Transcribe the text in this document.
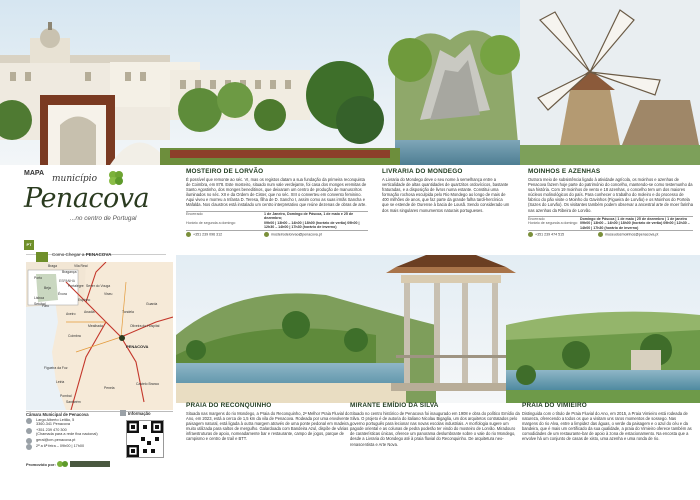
MAPA
município
Penacova
...no centro de Portugal
MOSTEIRO DE LORVÃO
É possível que remonte ao séc. VI, mas os registos datam a sua fundação da primeira reconquista de Coimbra, em 878. Este mosteiro, situado num vale verdejante, foi casa dos monges eremitas de Santo Agostinho, dos monges beneditinos, que deixaram um centro de produção de manuscritos iluminados no séc. XII e da Ordem de Cister, que no séc. XIII o converteu em convento feminino. Aqui viveu e morreu a Infanta D. Teresa, filha de D. Sancho I, assim como as suas irmãs Sancha e Mafalda. Nos claustros está instalado um centro interpretativo que reúne dezenas de obras de arte.
Encerrado	1 de Janeiro, Domingo de Páscoa, 1 de maio e 25 de dezembro;
Horário de segunda a domingo	09h00 | 13h00 – 14h00 | 18h00 (horário de verão) 09h00 | 12h30 – 14h00 | 17h30 (horário de inverno)
+351 239 096 312	mosteirodelorvao@penacova.pt
LIVRARIA DO MONDEGO
A Livraria do Mondego deve o seu nome à semelhança entre a verticalidade de altas quantidades de quartzitos ordovícicos, bastante fraturadas, e a disposição de livros numa estante. Constitui uma formação rochosa esculpida pelo Rio Mondego ao longo de mais de 400 milhões de anos, que faz parte da grande falha tardi-hercínica que se estende de Ourense à bacia de Lousã. Sendo considerado um dos mais singulares monumentos naturais portugueses.
MOINHOS E AZENHAS
Outrora meio de subsistência ligado à atividade agrícola, os moinhos e azenhas de Penacova fazem hoje parte do património do concelho, mantendo-se como testemunho da sua história. Com 19 moinhos de vento e 18 azenhas, o concelho tem um dos maiores núcleos molinológicos do país. Para conhecer o trabalho do moleiro e do processo de fabrico do pão visite o Moinho do Gavinhos (Figueira de Lorvão) e os Moinhos do Portela (Sazes do Lorvão). Os visitantes também podem observar a ancestral arte de moer farinha nas azenhas da Ribeira de Lorvão.
Encerrado	Domingo de Páscoa | 1 de maio | 25 de dezembro | 1 de janeiro
Horário de segunda a domingo 09h00 | 13h00 – 14h00 | 18h00 (horário de verão) 09h00 | 12h30 – 14h00 | 17h30 (horário de inverno)
+351 239 474 515	museudosmoinhos@penacova.pt
PT
Como Chegar a PENACOVA
ESPANHA
Porto
Viseu
Aveiro
Coimbra
Leiria
Lisboa
Setúbal
Évora
Faro
Figueira da Foz
Guarda
Castelo Branco
Santarém
Braga	Vila Real
Bragança
Portalegre
Beja
Pombal
Penela
Oliveira do Hospital
Mealhada
PENACOVA
Espinho
Anadia
Sever do Vouga
Tondela
Câmara Municipal de Penacova	Informação
Largo Alberto Leitão, 5
3360-341 Penacova
+351 239 470 300
(Chamada para a rede fixa nacional)
geral@cm-penacova.pt
2ª a 6ª feira – 09h00 | 17h00
Promovido por:
PRAIA DO RECONQUINHO
Situada nas margens do rio Mondego, a Praia do Reconquinho, 2ª Melhor Praia Fluvial do Ano, em 2023, está a cerca de 1,5 km da vila de Penacova. Rodeada por uma envolvente paisagem natural, está ligada à outra margem através de uma ponte pedonal em madeira, muito utilizada para saltos de mergulho. Galardoada com Bandeira Azul, dispõe de várias infraestruturas de apoio, nomeadamente bar e restaurante, campo de jogos, parque de campismo e centro de trail e BTT.
MIRANTE EMÍDIO DA SILVA
Situado no centro histórico de Penacova foi inaugurado em 1908 e obra do político Emídio da Silva. O projeto é de autoria do italiano Nicolau Bigaglia, um dos arquitetos contratados pelo governo português para lecionar nas novas escolas industriais. A morfologia sugere um pagode oriental e as colunas de pedra poderão ter vindo do mosteiro de Lorvão. Miradouro de caraterísticas únicas, oferece um panorama deslumbrante sobre o vale do rio Mondego, desde a Livraria do Mondego até à praia fluvial do Reconquinho. De arquitetura neo-renascentista e Arte Nova.
PRAIA DO VIMIEIRO
Distinguida com o título de Praia Fluvial do Ano, em 2015, a Praia Vimieiro está rodeada de natureza, oferecendo a todos os que a visitam uns raros momentos de sossego. Nas margens do rio Alva, entre a limpidez das águas, o verde da paisagem e o azul do céu e da bandeira, que é mais um certificado da sua qualidade, a praia do Vimieiro oferece também as comodidades de um restaurante-bar de apoio à zona de estacionamento. Na encosta que a envolve há um conjunto de casas de xisto, uma azenha e uma ronda de rio.
